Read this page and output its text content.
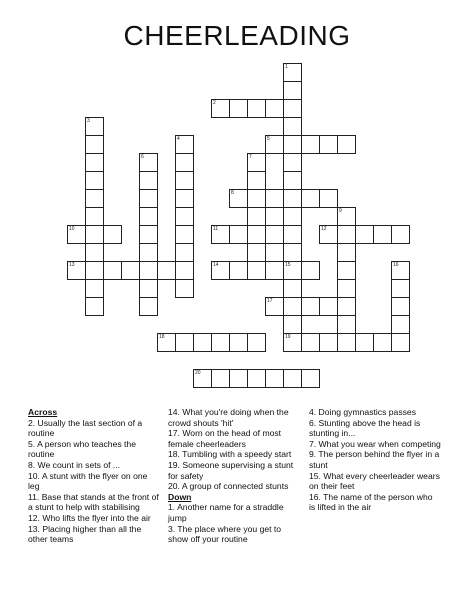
CHEERLEADING
1
2
3
4	5
6	7
8
9
10	11	12
13	14	15	16
17
18	19
20
Across
2. Usually the last section of a routine
5. A person who teaches the routine
8. We count in sets of ...
10. A stunt with the flyer on one leg
11. Base that stands at the front of a stunt to help with stabilising
12. Who lifts the flyer into the air
13. Placing higher than all the other teams
14. What you're doing when the crowd shouts 'hit'
17. Worn on the head of most female cheerleaders
18. Tumbling with a speedy start
19. Someone supervising a stunt for safety
20. A group of connected stunts
Down
1. Another name for a straddle jump
3. The place where you get to show off your routine
4. Doing gymnastics passes
6. Stunting above the head is stunting in...
7. What you wear when competing
9. The person behind the flyer in a stunt
15. What every cheerleader wears on their feet
16. The name of the person who is lifted in the air
